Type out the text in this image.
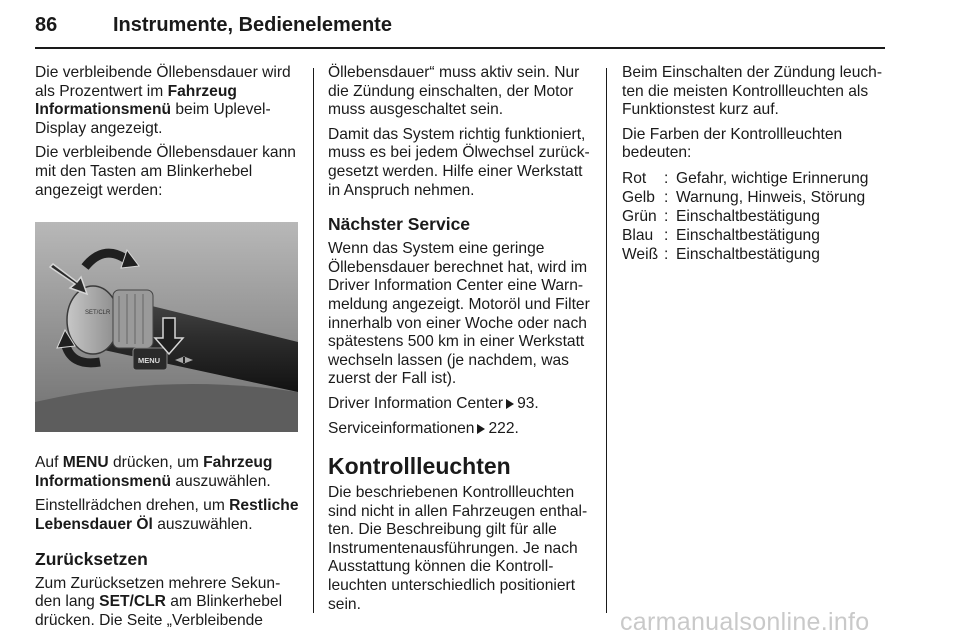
86	Instrumente, Bedienelemente

Die verbleibende Öllebensdauer wird als Prozentwert im Fahrzeug Informationsmenü beim Uplevel-Display angezeigt.

Die verbleibende Öllebensdauer kann mit den Tasten am Blinkerhebel angezeigt werden:

SET/CLR
MENU

Auf MENU drücken, um Fahrzeug Informationsmenü auszuwählen.

Einstellrädchen drehen, um Restliche Lebensdauer Öl auszuwählen.

Zurücksetzen

Zum Zurücksetzen mehrere Sekunden lang SET/CLR am Blinkerhebel drücken. Die Seite „Verbleibende

Öllebensdauer“ muss aktiv sein. Nur die Zündung einschalten, der Motor muss ausgeschaltet sein.

Damit das System richtig funktioniert, muss es bei jedem Ölwechsel zurückgesetzt werden. Hilfe einer Werkstatt in Anspruch nehmen.

Nächster Service

Wenn das System eine geringe Öllebensdauer berechnet hat, wird im Driver Information Center eine Warnmeldung angezeigt. Motoröl und Filter innerhalb von einer Woche oder nach spätestens 500 km in einer Werkstatt wechseln lassen (je nachdem, was zuerst der Fall ist).

Driver Information Center 93.

Serviceinformationen 222.

Kontrollleuchten

Die beschriebenen Kontrollleuchten sind nicht in allen Fahrzeugen enthalten. Die Beschreibung gilt für alle Instrumentenausführungen. Je nach Ausstattung können die Kontrollleuchten unterschiedlich positioniert sein.

Beim Einschalten der Zündung leuchten die meisten Kontrollleuchten als Funktionstest kurz auf.

Die Farben der Kontrollleuchten bedeuten:

Rot	:	Gefahr, wichtige Erinnerung
Gelb	:	Warnung, Hinweis, Störung
Grün	:	Einschaltbestätigung
Blau	:	Einschaltbestätigung
Weiß	:	Einschaltbestätigung
carmanualsonline.info
